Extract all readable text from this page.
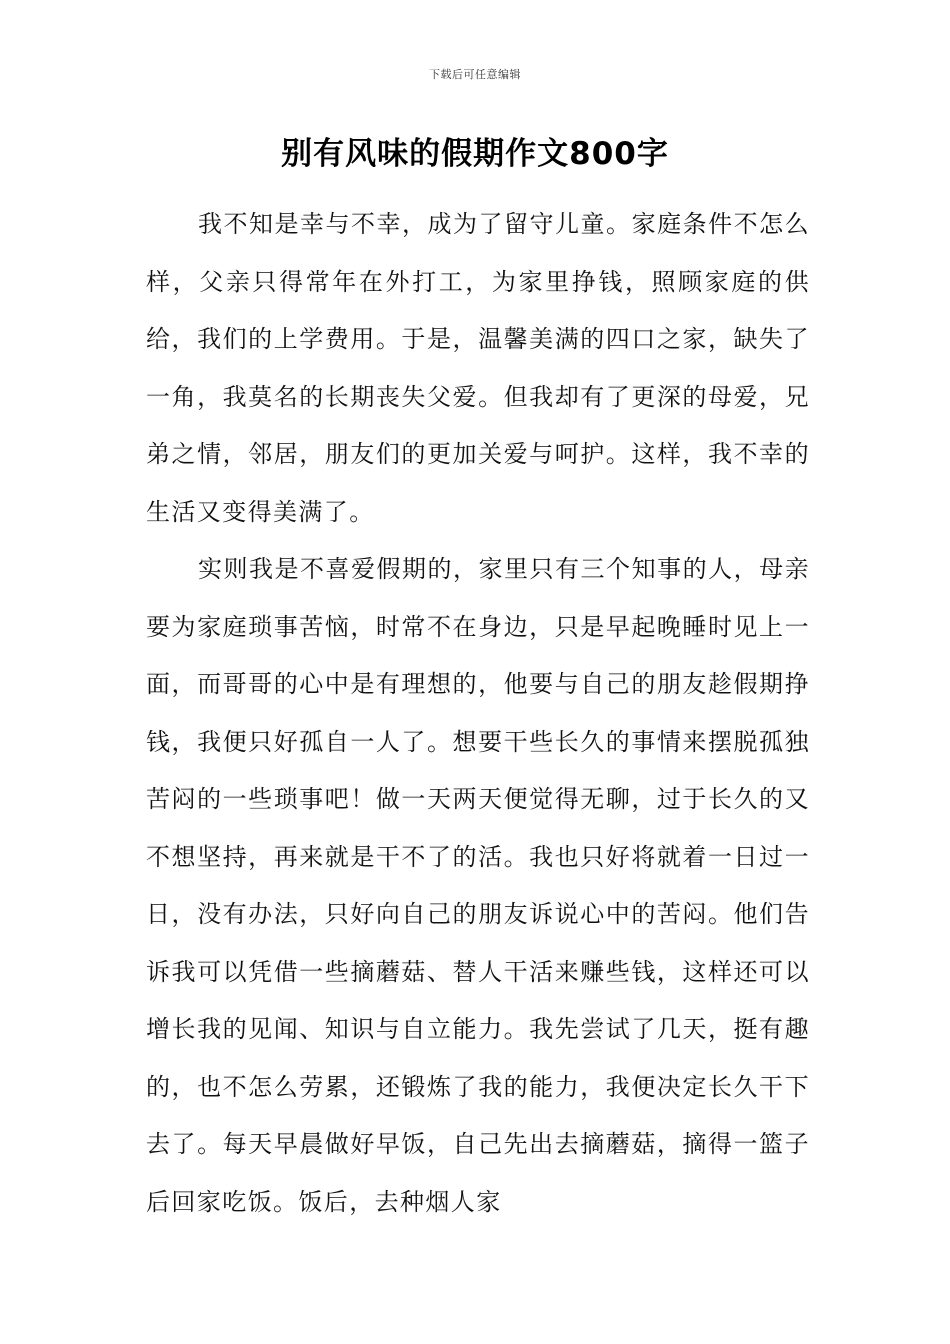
下载后可任意编辑
别有风味的假期作文800字

我不知是幸与不幸，成为了留守儿童。家庭条件不怎么样，父亲只得常年在外打工，为家里挣钱，照顾家庭的供给，我们的上学费用。于是，温馨美满的四口之家，缺失了一角，我莫名的长期丧失父爱。但我却有了更深的母爱，兄弟之情，邻居，朋友们的更加关爱与呵护。这样，我不幸的生活又变得美满了。

实则我是不喜爱假期的，家里只有三个知事的人，母亲要为家庭琐事苦恼，时常不在身边，只是早起晚睡时见上一面，而哥哥的心中是有理想的，他要与自己的朋友趁假期挣钱，我便只好孤自一人了。想要干些长久的事情来摆脱孤独苦闷的一些琐事吧！做一天两天便觉得无聊，过于长久的又不想坚持，再来就是干不了的活。我也只好将就着一日过一日，没有办法，只好向自己的朋友诉说心中的苦闷。他们告诉我可以凭借一些摘蘑菇、替人干活来赚些钱，这样还可以增长我的见闻、知识与自立能力。我先尝试了几天，挺有趣的，也不怎么劳累，还锻炼了我的能力，我便决定长久干下去了。每天早晨做好早饭，自己先出去摘蘑菇，摘得一篮子后回家吃饭。饭后，去种烟人家
